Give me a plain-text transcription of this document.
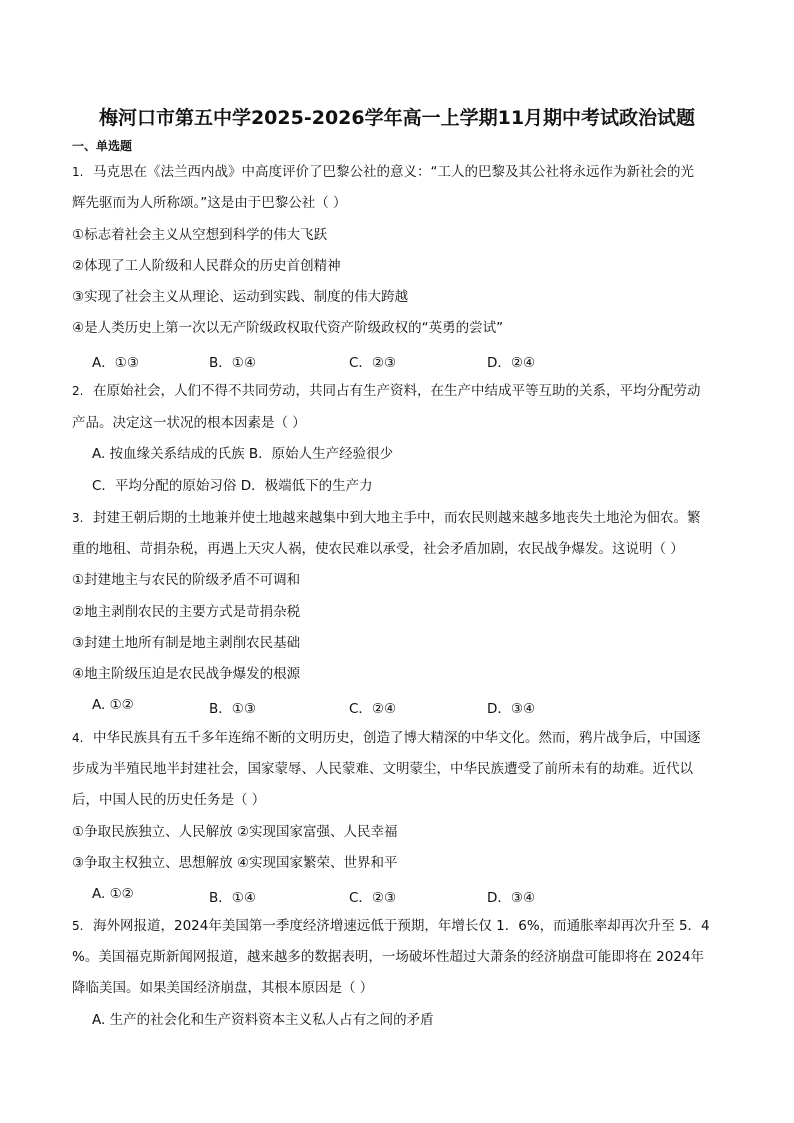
梅河口市第五中学2025-2026学年高一上学期11月期中考试政治试题
一、单选题
1. 马克思在《法兰西内战》中高度评价了巴黎公社的意义：“工人的巴黎及其公社将永远作为新社会的光
辉先驱而为人所称颂。”这是由于巴黎公社（ ）
①标志着社会主义从空想到科学的伟大飞跃
②体现了工人阶级和人民群众的历史首创精神
③实现了社会主义从理论、运动到实践、制度的伟大跨越
④是人类历史上第一次以无产阶级政权取代资产阶级政权的“英勇的尝试”
A．①③	B．①④	C．②③	D．②④
2. 在原始社会，人们不得不共同劳动，共同占有生产资料，在生产中结成平等互助的关系，平均分配劳动
产品。决定这一状况的根本因素是（ ）
A. 按血缘关系结成的氏族 B．原始人生产经验很少
C．平均分配的原始习俗 D．极端低下的生产力
3. 封建王朝后期的土地兼并使土地越来越集中到大地主手中，而农民则越来越多地丧失土地沦为佃农。繁
重的地租、苛捐杂税，再遇上天灾人祸，使农民难以承受，社会矛盾加剧，农民战争爆发。这说明（ ）
①封建地主与农民的阶级矛盾不可调和
②地主剥削农民的主要方式是苛捐杂税
③封建土地所有制是地主剥削农民基础
④地主阶级压迫是农民战争爆发的根源
A. ①②	B．①③	C．②④	D．③④
4. 中华民族具有五千多年连绵不断的文明历史，创造了博大精深的中华文化。然而，鸦片战争后，中国逐
步成为半殖民地半封建社会，国家蒙辱、人民蒙难、文明蒙尘，中华民族遭受了前所未有的劫难。近代以
后，中国人民的历史任务是（ ）
①争取民族独立、人民解放 ②实现国家富强、人民幸福
③争取主权独立、思想解放 ④实现国家繁荣、世界和平
A. ①②	B．①④	C．②③	D．③④
5. 海外网报道，2024年美国第一季度经济增速远低于预期，年增长仅 1．6%，而通胀率却再次升至 5．4
%。美国福克斯新闻网报道，越来越多的数据表明，一场破坏性超过大萧条的经济崩盘可能即将在 2024年
降临美国。如果美国经济崩盘，其根本原因是（ ）
A. 生产的社会化和生产资料资本主义私人占有之间的矛盾
